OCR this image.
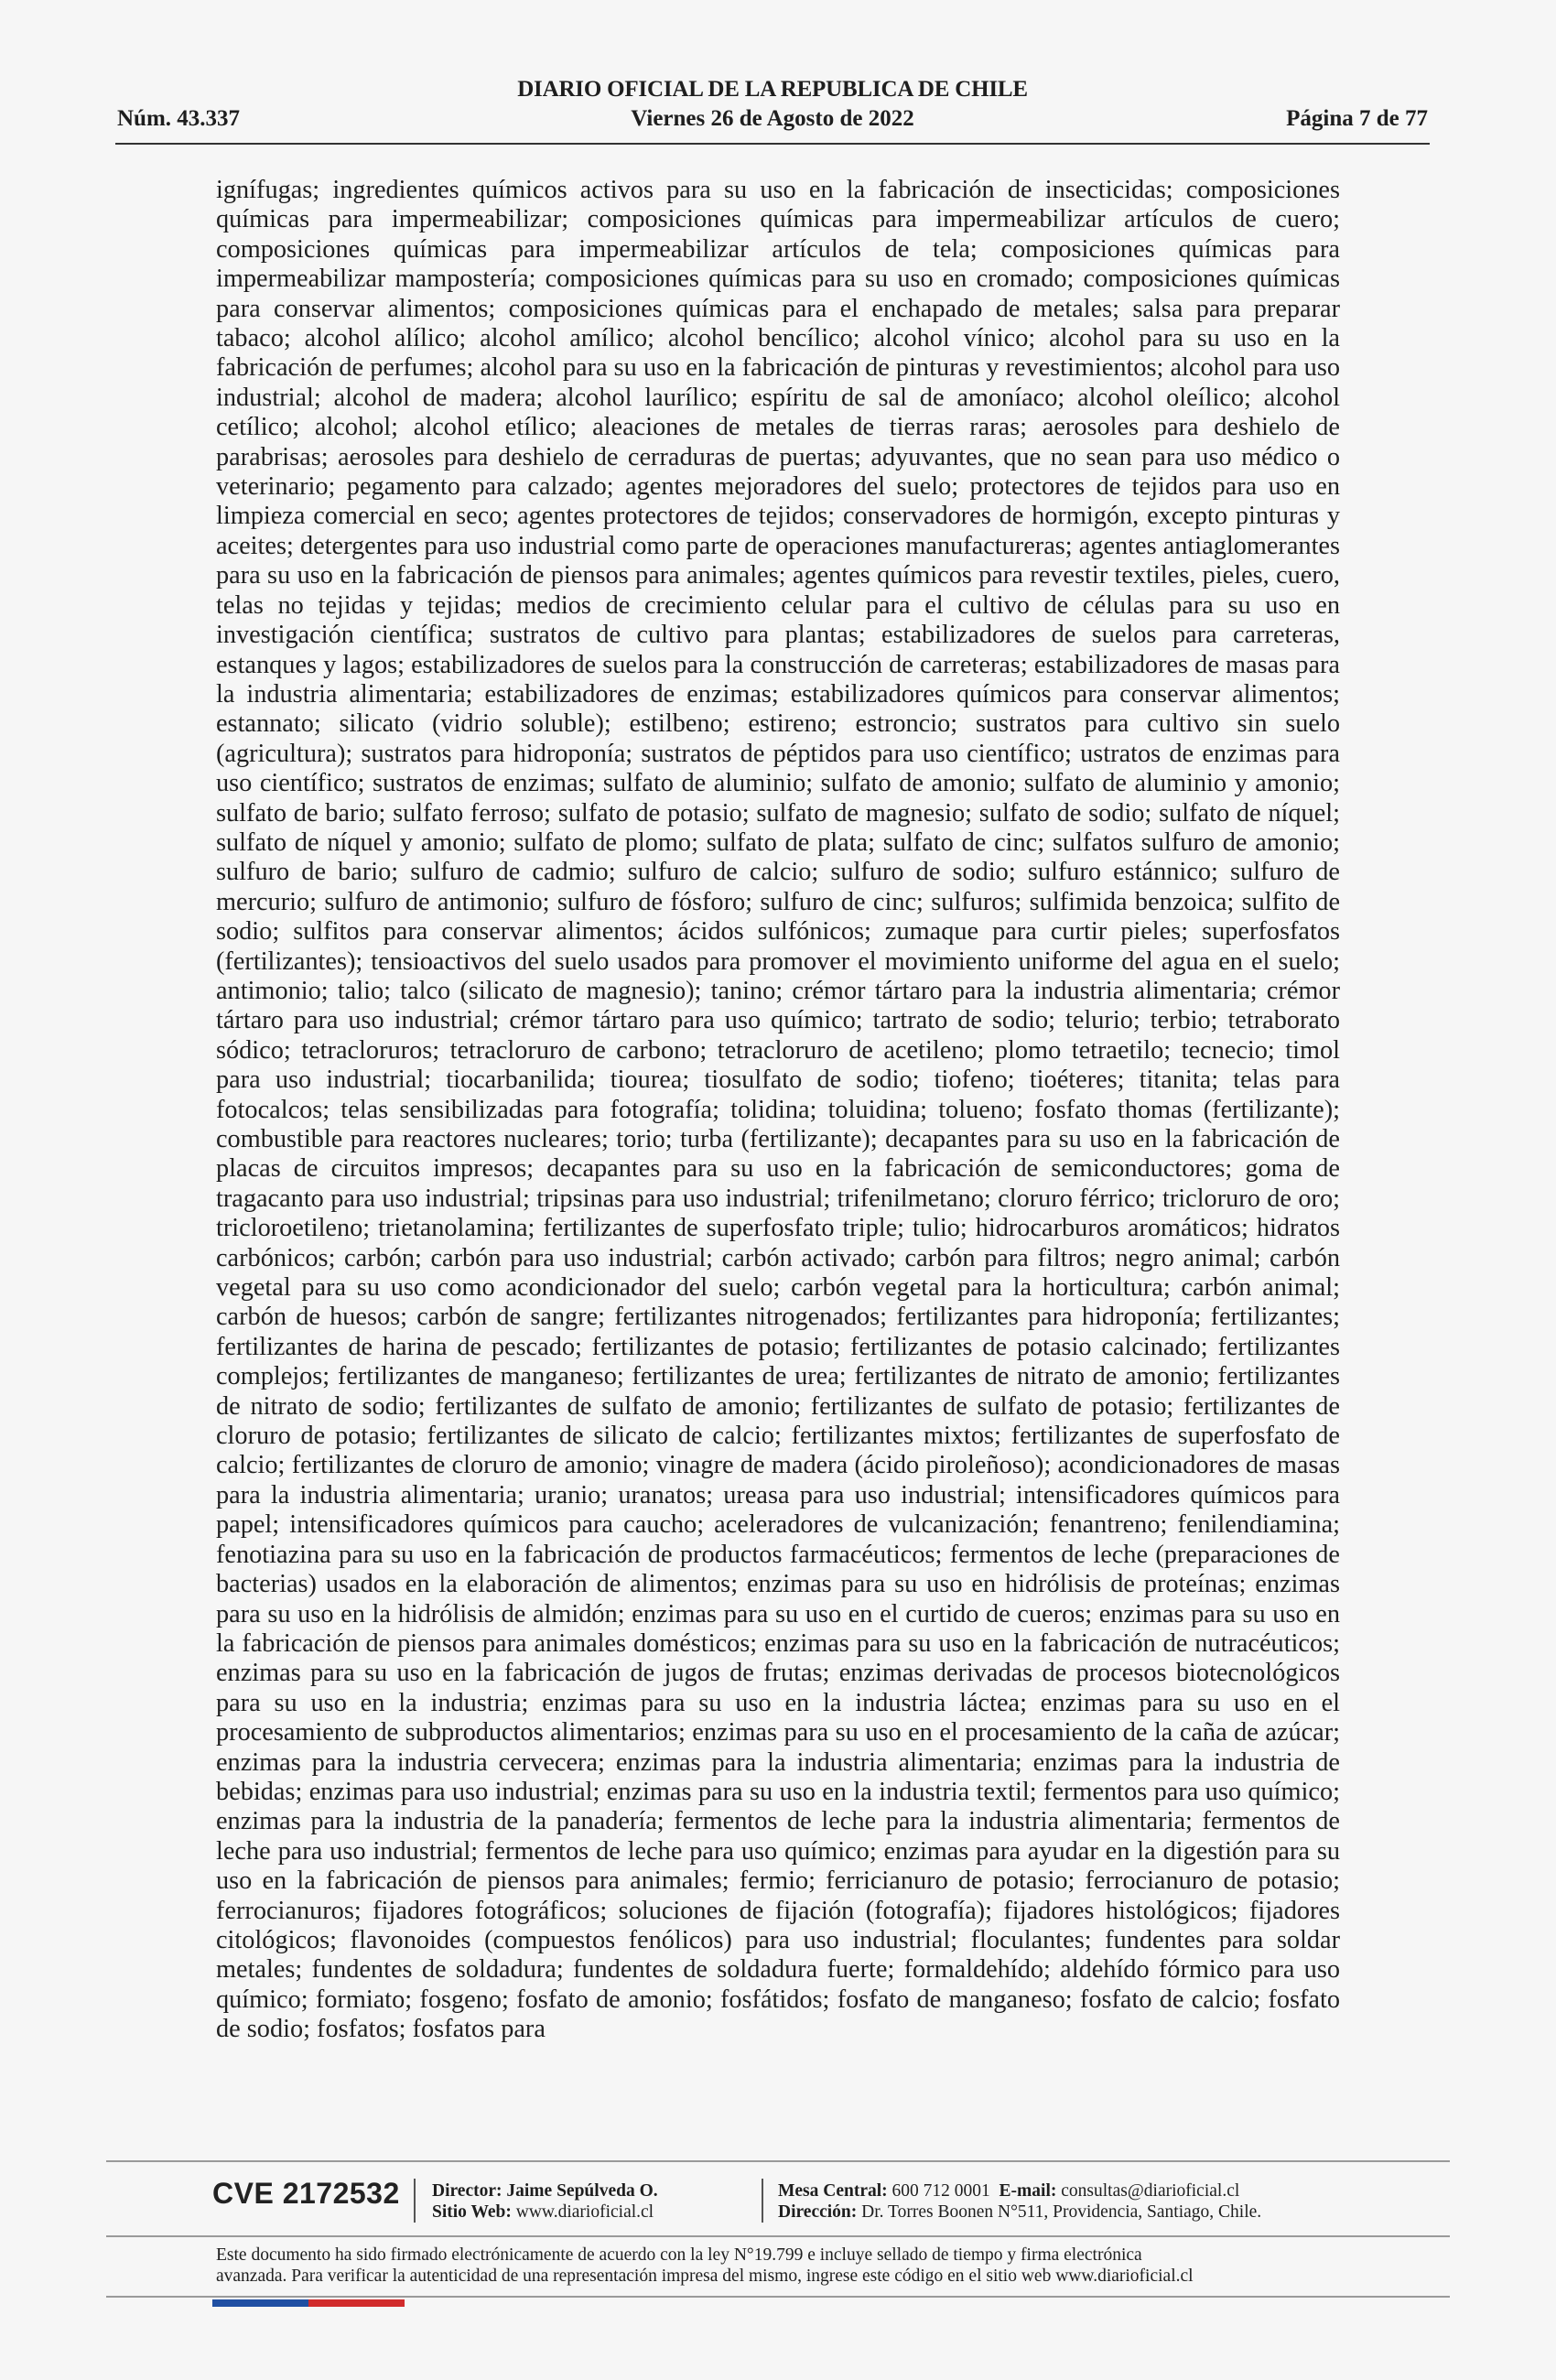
DIARIO OFICIAL DE LA REPUBLICA DE CHILE
Núm. 43.337	Viernes 26 de Agosto de 2022	Página 7 de 77
ignífugas; ingredientes químicos activos para su uso en la fabricación de insecticidas; composiciones químicas para impermeabilizar; composiciones químicas para impermeabilizar artículos de cuero; composiciones químicas para impermeabilizar artículos de tela; composiciones químicas para impermeabilizar mampostería; composiciones químicas para su uso en cromado; composiciones químicas para conservar alimentos; composiciones químicas para el enchapado de metales; salsa para preparar tabaco; alcohol alílico; alcohol amílico; alcohol bencílico; alcohol vínico; alcohol para su uso en la fabricación de perfumes; alcohol para su uso en la fabricación de pinturas y revestimientos; alcohol para uso industrial; alcohol de madera; alcohol laurílico; espíritu de sal de amoníaco; alcohol oleílico; alcohol cetílico; alcohol; alcohol etílico; aleaciones de metales de tierras raras; aerosoles para deshielo de parabrisas; aerosoles para deshielo de cerraduras de puertas; adyuvantes, que no sean para uso médico o veterinario; pegamento para calzado; agentes mejoradores del suelo; protectores de tejidos para uso en limpieza comercial en seco; agentes protectores de tejidos; conservadores de hormigón, excepto pinturas y aceites; detergentes para uso industrial como parte de operaciones manufactureras; agentes antiaglomerantes para su uso en la fabricación de piensos para animales; agentes químicos para revestir textiles, pieles, cuero, telas no tejidas y tejidas; medios de crecimiento celular para el cultivo de células para su uso en investigación científica; sustratos de cultivo para plantas; estabilizadores de suelos para carreteras, estanques y lagos; estabilizadores de suelos para la construcción de carreteras; estabilizadores de masas para la industria alimentaria; estabilizadores de enzimas; estabilizadores químicos para conservar alimentos; estannato; silicato (vidrio soluble); estilbeno; estireno; estroncio; sustratos para cultivo sin suelo (agricultura); sustratos para hidroponía; sustratos de péptidos para uso científico; ustratos de enzimas para uso científico; sustratos de enzimas; sulfato de aluminio; sulfato de amonio; sulfato de aluminio y amonio; sulfato de bario; sulfato ferroso; sulfato de potasio; sulfato de magnesio; sulfato de sodio; sulfato de níquel; sulfato de níquel y amonio; sulfato de plomo; sulfato de plata; sulfato de cinc; sulfatos sulfuro de amonio; sulfuro de bario; sulfuro de cadmio; sulfuro de calcio; sulfuro de sodio; sulfuro estánnico; sulfuro de mercurio; sulfuro de antimonio; sulfuro de fósforo; sulfuro de cinc; sulfuros; sulfimida benzoica; sulfito de sodio; sulfitos para conservar alimentos; ácidos sulfónicos; zumaque para curtir pieles; superfosfatos (fertilizantes); tensioactivos del suelo usados para promover el movimiento uniforme del agua en el suelo; antimonio; talio; talco (silicato de magnesio); tanino; crémor tártaro para la industria alimentaria; crémor tártaro para uso industrial; crémor tártaro para uso químico; tartrato de sodio; telurio; terbio; tetraborato sódico; tetracloruros; tetracloruro de carbono; tetracloruro de acetileno; plomo tetraetilo; tecnecio; timol para uso industrial; tiocarbanilida; tiourea; tiosulfato de sodio; tiofeno; tioéteres; titanita; telas para fotocalcos; telas sensibilizadas para fotografía; tolidina; toluidina; tolueno; fosfato thomas (fertilizante); combustible para reactores nucleares; torio; turba (fertilizante); decapantes para su uso en la fabricación de placas de circuitos impresos; decapantes para su uso en la fabricación de semiconductores; goma de tragacanto para uso industrial; tripsinas para uso industrial; trifenilmetano; cloruro férrico; tricloruro de oro; tricloroetileno; trietanolamina; fertilizantes de superfosfato triple; tulio; hidrocarburos aromáticos; hidratos carbónicos; carbón; carbón para uso industrial; carbón activado; carbón para filtros; negro animal; carbón vegetal para su uso como acondicionador del suelo; carbón vegetal para la horticultura; carbón animal; carbón de huesos; carbón de sangre; fertilizantes nitrogenados; fertilizantes para hidroponía; fertilizantes; fertilizantes de harina de pescado; fertilizantes de potasio; fertilizantes de potasio calcinado; fertilizantes complejos; fertilizantes de manganeso; fertilizantes de urea; fertilizantes de nitrato de amonio; fertilizantes de nitrato de sodio; fertilizantes de sulfato de amonio; fertilizantes de sulfato de potasio; fertilizantes de cloruro de potasio; fertilizantes de silicato de calcio; fertilizantes mixtos; fertilizantes de superfosfato de calcio; fertilizantes de cloruro de amonio; vinagre de madera (ácido piroleñoso); acondicionadores de masas para la industria alimentaria; uranio; uranatos; ureasa para uso industrial; intensificadores químicos para papel; intensificadores químicos para caucho; aceleradores de vulcanización; fenantreno; fenilendiamina; fenotiazina para su uso en la fabricación de productos farmacéuticos; fermentos de leche (preparaciones de bacterias) usados en la elaboración de alimentos; enzimas para su uso en hidrólisis de proteínas; enzimas para su uso en la hidrólisis de almidón; enzimas para su uso en el curtido de cueros; enzimas para su uso en la fabricación de piensos para animales domésticos; enzimas para su uso en la fabricación de nutracéuticos; enzimas para su uso en la fabricación de jugos de frutas; enzimas derivadas de procesos biotecnológicos para su uso en la industria; enzimas para su uso en la industria láctea; enzimas para su uso en el procesamiento de subproductos alimentarios; enzimas para su uso en el procesamiento de la caña de azúcar; enzimas para la industria cervecera; enzimas para la industria alimentaria; enzimas para la industria de bebidas; enzimas para uso industrial; enzimas para su uso en la industria textil; fermentos para uso químico; enzimas para la industria de la panadería; fermentos de leche para la industria alimentaria; fermentos de leche para uso industrial; fermentos de leche para uso químico; enzimas para ayudar en la digestión para su uso en la fabricación de piensos para animales; fermio; ferricianuro de potasio; ferrocianuro de potasio; ferrocianuros; fijadores fotográficos; soluciones de fijación (fotografía); fijadores histológicos; fijadores citológicos; flavonoides (compuestos fenólicos) para uso industrial; floculantes; fundentes para soldar metales; fundentes de soldadura; fundentes de soldadura fuerte; formaldehído; aldehído fórmico para uso químico; formiato; fosgeno; fosfato de amonio; fosfátidos; fosfato de manganeso; fosfato de calcio; fosfato de sodio; fosfatos; fosfatos para
CVE 2172532 Director: Jaime Sepúlveda O.
Sitio Web: www.diarioficial.cl
Mesa Central: 600 712 0001 E-mail: consultas@diarioficial.cl
Dirección: Dr. Torres Boonen N°511, Providencia, Santiago, Chile.
Este documento ha sido firmado electrónicamente de acuerdo con la ley N°19.799 e incluye sellado de tiempo y firma electrónica
avanzada. Para verificar la autenticidad de una representación impresa del mismo, ingrese este código en el sitio web www.diarioficial.cl
